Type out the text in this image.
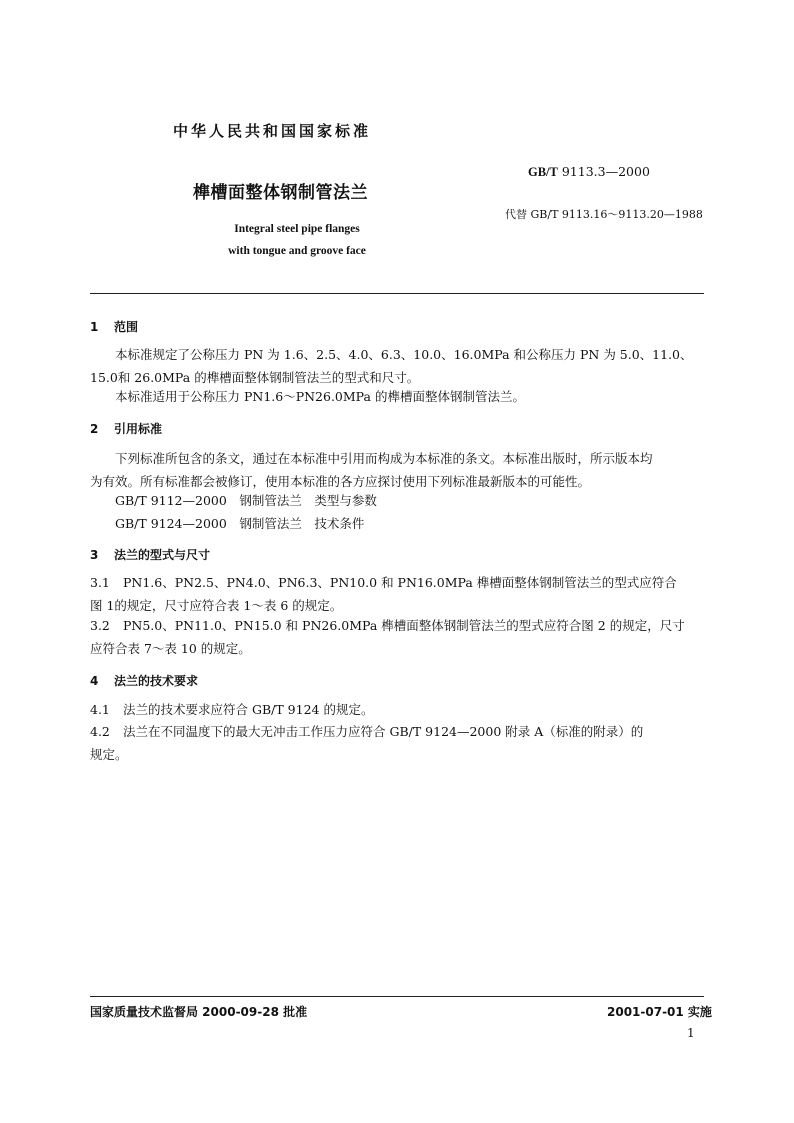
中华人民共和国国家标准
GB/T 9113.3—2000
榫槽面整体钢制管法兰
代替 GB/T 9113.16～9113.20—1988
Integral steel pipe flanges
with tongue and groove face
1 范围
本标准规定了公称压力 PN 为 1.6、2.5、4.0、6.3、10.0、16.0MPa 和公称压力 PN 为 5.0、11.0、
15.0和 26.0MPa 的榫槽面整体钢制管法兰的型式和尺寸。
本标准适用于公称压力 PN1.6～PN26.0MPa 的榫槽面整体钢制管法兰。
2 引用标准
下列标准所包含的条文，通过在本标准中引用而构成为本标准的条文。本标准出版时，所示版本均
为有效。所有标准都会被修订，使用本标准的各方应探讨使用下列标准最新版本的可能性。
GB/T 9112—2000　钢制管法兰　类型与参数
GB/T 9124—2000　钢制管法兰　技术条件
3 法兰的型式与尺寸
3.1 PN1.6、PN2.5、PN4.0、PN6.3、PN10.0 和 PN16.0MPa 榫槽面整体钢制管法兰的型式应符合
图 1的规定，尺寸应符合表 1～表 6 的规定。
3.2 PN5.0、PN11.0、PN15.0 和 PN26.0MPa 榫槽面整体钢制管法兰的型式应符合图 2 的规定，尺寸
应符合表 7～表 10 的规定。
4 法兰的技术要求
4.1 法兰的技术要求应符合 GB/T 9124 的规定。
4.2 法兰在不同温度下的最大无冲击工作压力应符合 GB/T 9124—2000 附录 A（标准的附录）的
规定。
国家质量技术监督局 2000-09-28 批准	2001-07-01 实施
1
